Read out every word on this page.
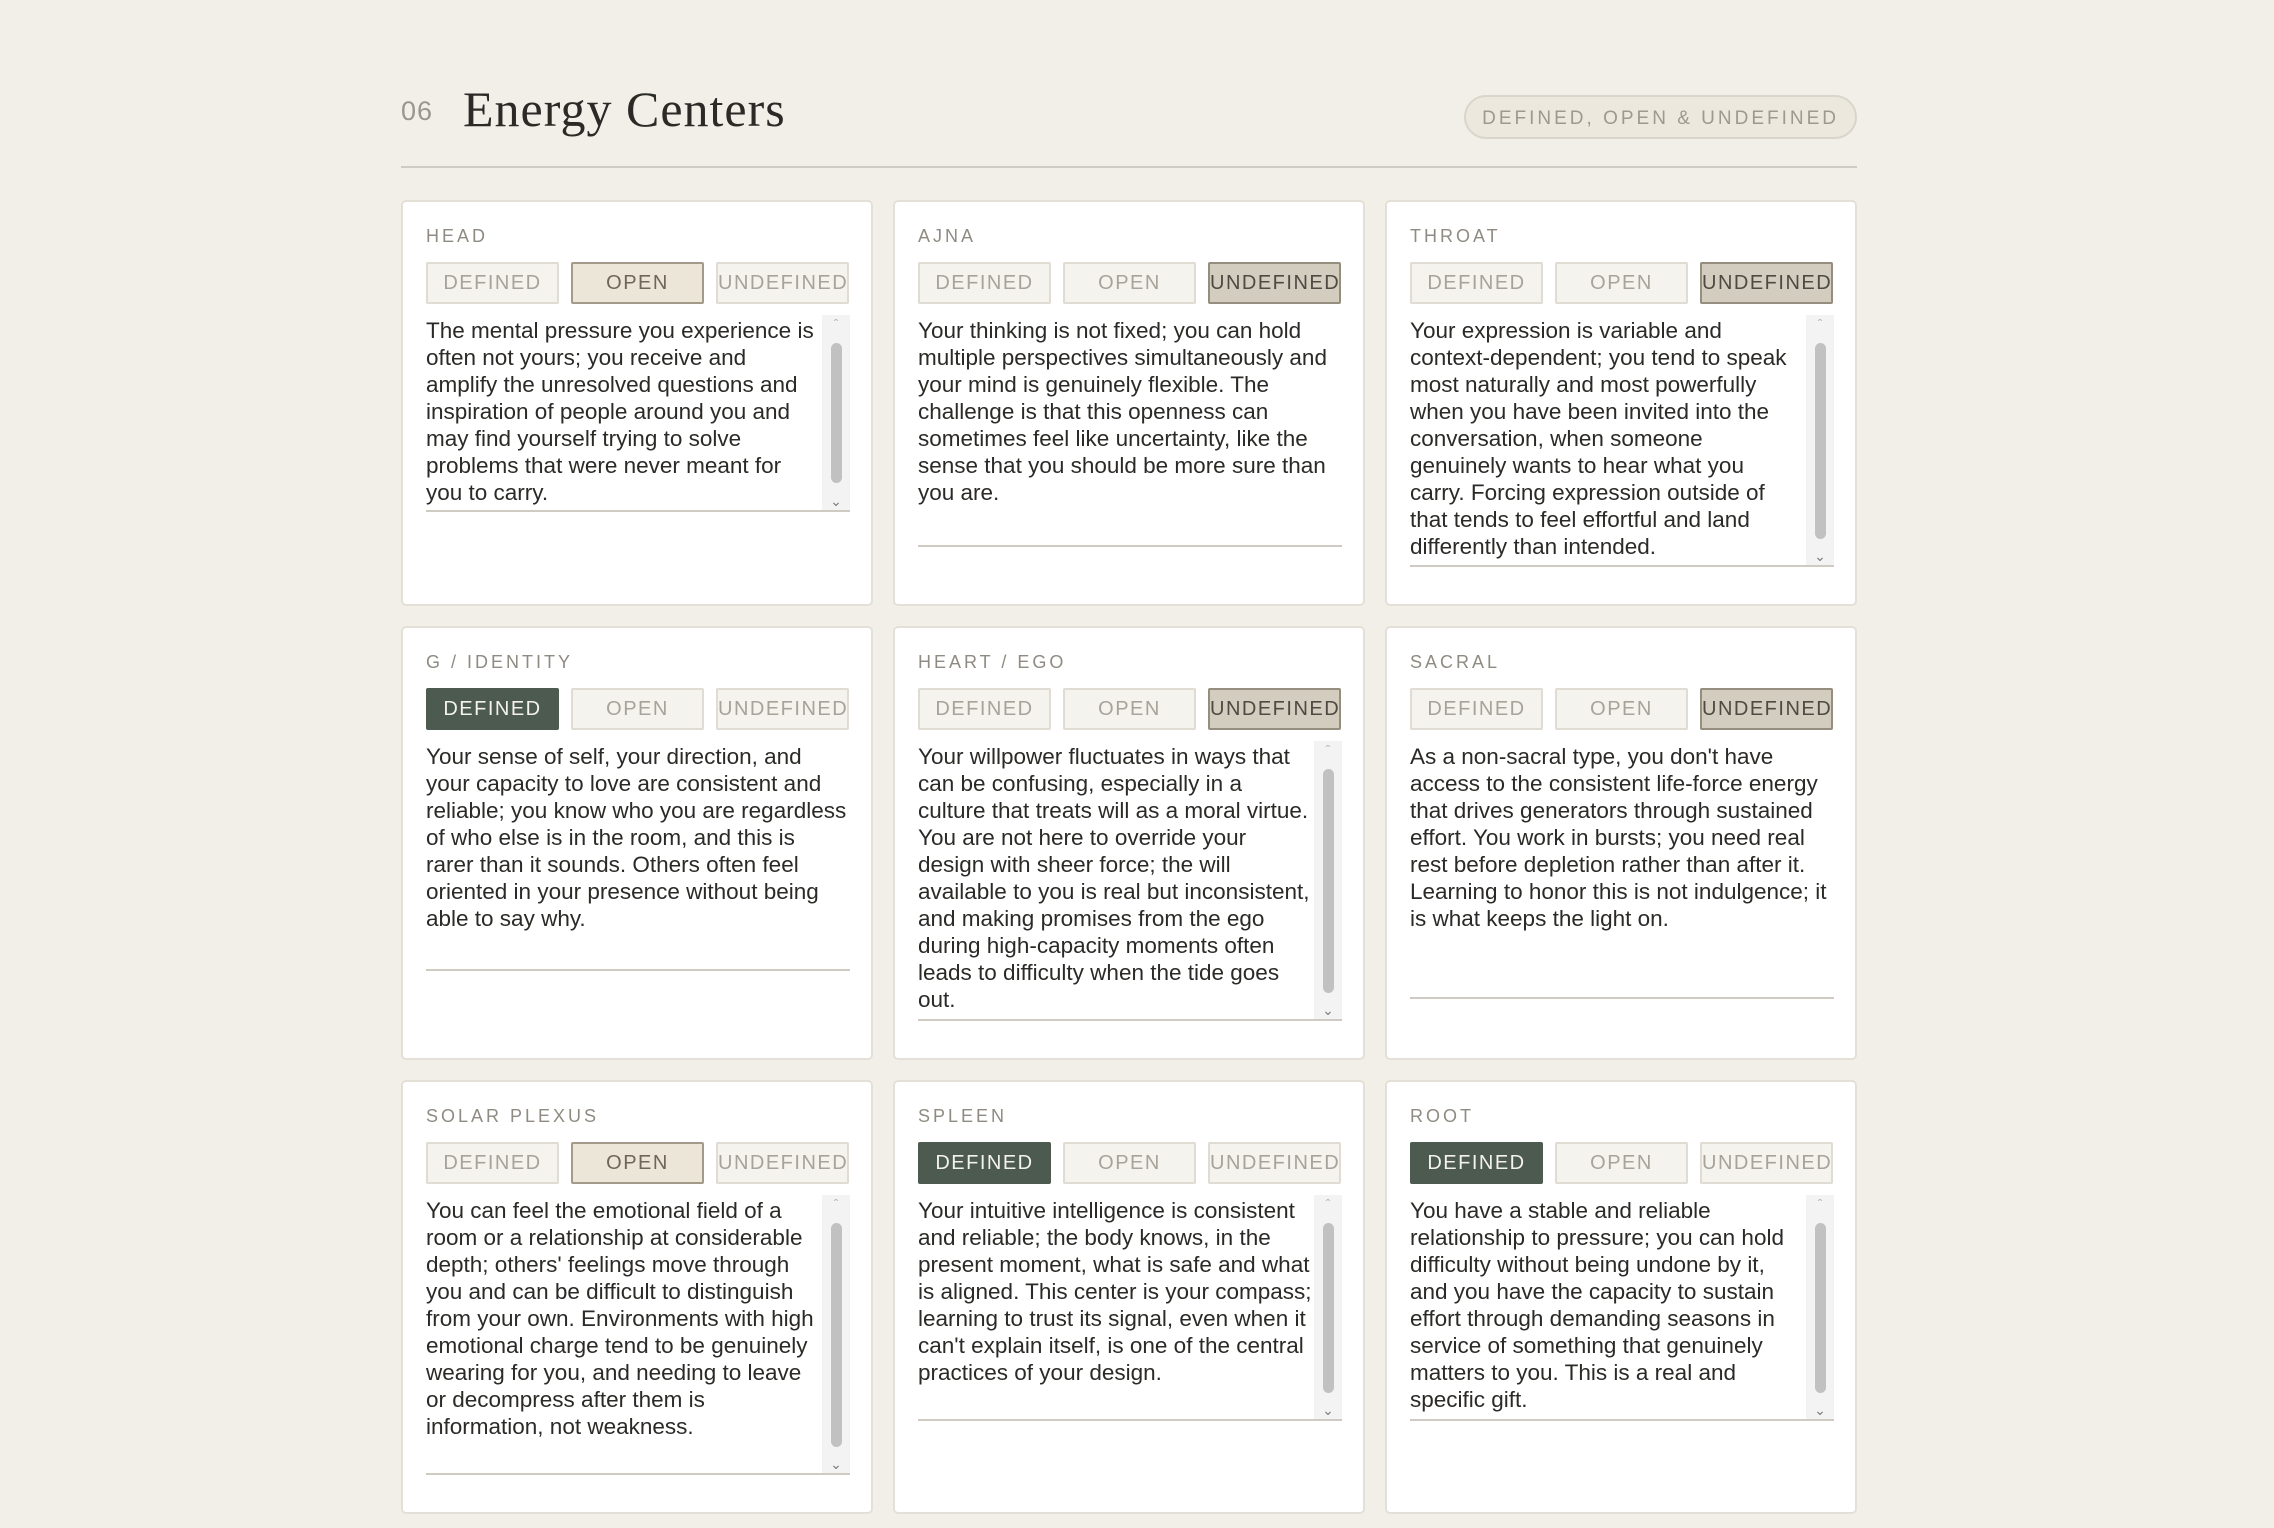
06 Energy Centers	DEFINED, OPEN & UNDEFINED
HEAD
DEFINED	OPEN	UNDEFINED
The mental pressure you experience is often not yours; you receive and amplify the unresolved questions and inspiration of people around you and may find yourself trying to solve problems that were never meant for you to carry.
ˆ
⌄
AJNA
DEFINED	OPEN	UNDEFINED
Your thinking is not fixed; you can hold multiple perspectives simultaneously and your mind is genuinely flexible. The challenge is that this openness can sometimes feel like uncertainty, like the sense that you should be more sure than you are.
THROAT
DEFINED	OPEN	UNDEFINED
Your expression is variable and context-dependent; you tend to speak most naturally and most powerfully when you have been invited into the conversation, when someone genuinely wants to hear what you carry. Forcing expression outside of that tends to feel effortful and land differently than intended.
ˆ
⌄
G / IDENTITY
DEFINED	OPEN	UNDEFINED
Your sense of self, your direction, and your capacity to love are consistent and reliable; you know who you are regardless of who else is in the room, and this is rarer than it sounds. Others often feel oriented in your presence without being able to say why.
HEART / EGO
DEFINED	OPEN	UNDEFINED
Your willpower fluctuates in ways that can be confusing, especially in a culture that treats will as a moral virtue. You are not here to override your design with sheer force; the will available to you is real but inconsistent, and making promises from the ego during high-capacity moments often leads to difficulty when the tide goes out.
ˆ
⌄
SACRAL
DEFINED	OPEN	UNDEFINED
As a non-sacral type, you don't have access to the consistent life-force energy that drives generators through sustained effort. You work in bursts; you need real rest before depletion rather than after it. Learning to honor this is not indulgence; it is what keeps the light on.
SOLAR PLEXUS
DEFINED	OPEN	UNDEFINED
You can feel the emotional field of a room or a relationship at considerable depth; others' feelings move through you and can be difficult to distinguish from your own. Environments with high emotional charge tend to be genuinely wearing for you, and needing to leave or decompress after them is information, not weakness.
ˆ
⌄
SPLEEN
DEFINED	OPEN	UNDEFINED
Your intuitive intelligence is consistent and reliable; the body knows, in the present moment, what is safe and what is aligned. This center is your compass; learning to trust its signal, even when it can't explain itself, is one of the central practices of your design.
ˆ
⌄
ROOT
DEFINED	OPEN	UNDEFINED
You have a stable and reliable relationship to pressure; you can hold difficulty without being undone by it, and you have the capacity to sustain effort through demanding seasons in service of something that genuinely matters to you. This is a real and specific gift.
ˆ
⌄
